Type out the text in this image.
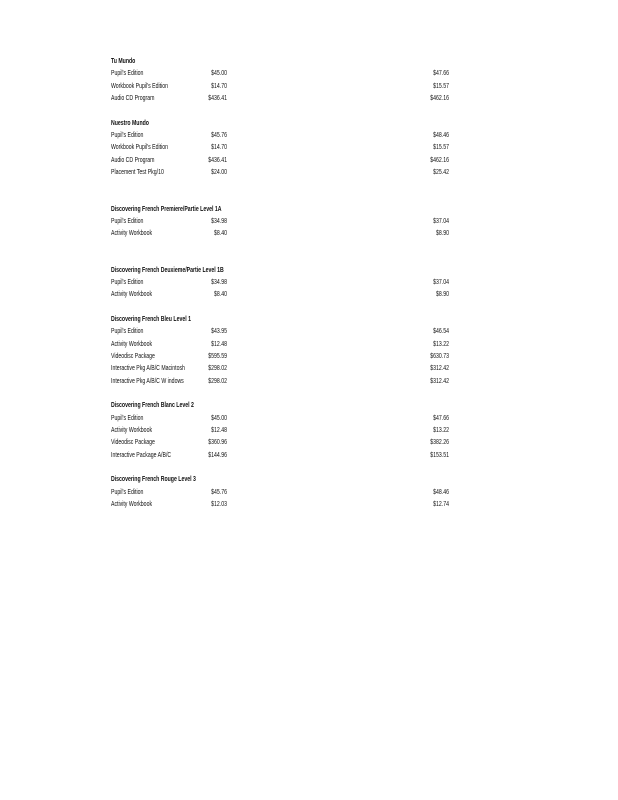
Tu Mundo
Pupil's Edition	$45.00	$47.66
Workbook Pupil's Edition	$14.70	$15.57
Audio CD Program	$436.41	$462.16
Nuestro Mundo
Pupil's Edition	$45.76	$48.46
Workbook Pupil's Edition	$14.70	$15.57
Audio CD Program	$436.41	$462.16
Placement Test Pkg/10	$24.00	$25.42
Discovering French Premiere/Partie Level 1A
Pupil's Edition	$34.98	$37.04
Activity Workbook	$8.40	$8.90
Discovering French Deuxieme/Partie Level 1B
Pupil's Edition	$34.98	$37.04
Activity Workbook	$8.40	$8.90
Discovering French Bleu Level 1
Pupil's Edition	$43.95	$46.54
Activity Workbook	$12.48	$13.22
Videodisc Package	$595.59	$630.73
Interactive Pkg A/B/C Macintosh	$298.02	$312.42
Interactive Pkg A/B/C W indows	$298.02	$312.42
Discovering French Blanc Level 2
Pupil's Edition	$45.00	$47.66
Activity Workbook	$12.48	$13.22
Videodisc Package	$360.96	$382.26
Interactive Package A/B/C	$144.96	$153.51
Discovering French Rouge Level 3
Pupil's Edition	$45.76	$48.46
Activity Workbook	$12.03	$12.74
